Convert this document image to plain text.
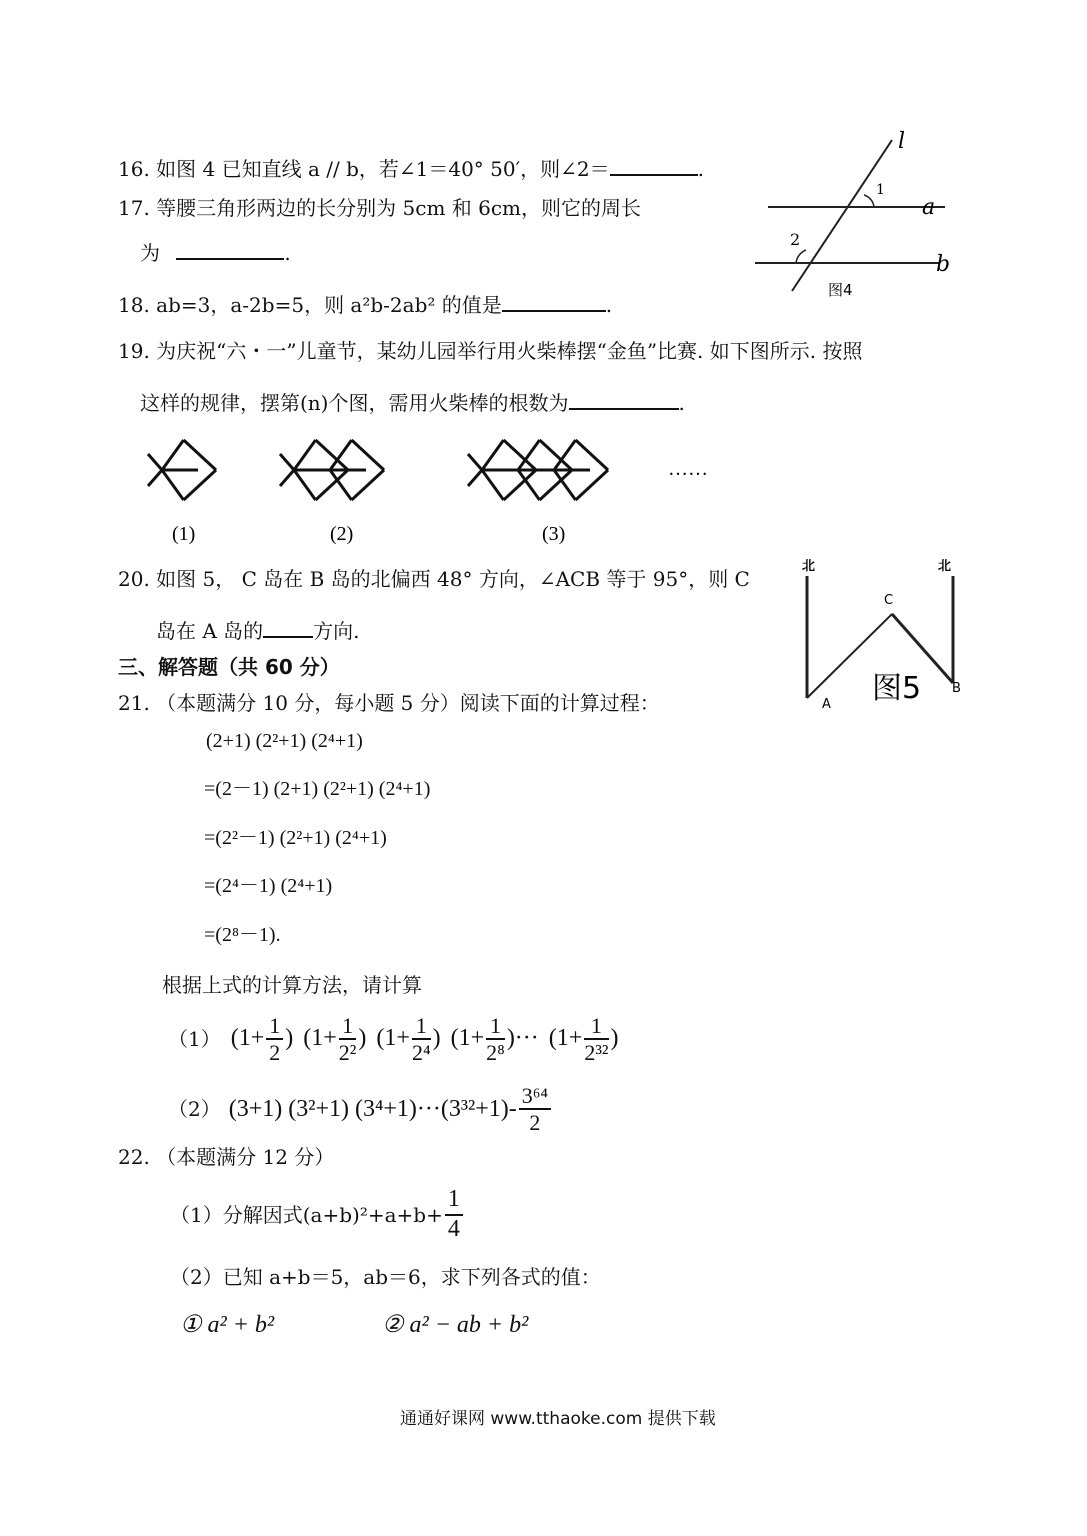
16. 如图 4 已知直线 a // b，若∠1＝40° 50′，则∠2＝	.
17. 等腰三角形两边的长分别为 5cm 和 6cm，则它的周长
为	.
l
a
b
1
2
图4
18. ab=3，a-2b=5，则 a²b-2ab² 的值是	.
19. 为庆祝“六・一”儿童节，某幼儿园举行用火柴棒摆“金鱼”比赛. 如下图所示. 按照
这样的规律，摆第(n)个图，需用火柴棒的根数为	.
(1)	(2)	(3)
……
20. 如图 5， C 岛在 B 岛的北偏西 48° 方向，∠ACB 等于 95°，则 C
岛在 A 岛的	方向.
北	北
C
A
B
图5
三、解答题（共 60 分）
21. （本题满分 10 分，每小题 5 分）阅读下面的计算过程：
(2+1) (2²+1) (2⁴+1)
=(2－1) (2+1) (2²+1) (2⁴+1)
=(2²－1) (2²+1) (2⁴+1)
=(2⁴－1) (2⁴+1)
=(2⁸－1).
根据上式的计算方法，请计算
（1） ($1+ \frac{1}{2}$ ) ($1+ \frac{1}{\text{2²}}$ ) ($1+ \frac{1}{\text{2⁴}}$ ) ($1+ \frac{1}{\text{2⁸}}$ )··· ($1+ \frac{1}{\text{2³²}}$ )
（2） (3+1) (3²+1) $(3^4+1)\cdot\cdot\cdot(3^{32}+1)- \frac{\text{3⁶⁴}}{2}$
22. （本题满分 12 分）
（1）分解因式$(a+b)^2+a+b+ \frac{1}{4}$
（2）已知 a+b＝5，ab＝6，求下列各式的值：
① a² + b²	② a² − ab + b²
通通好课网 www.tthaoke.com 提供下载
